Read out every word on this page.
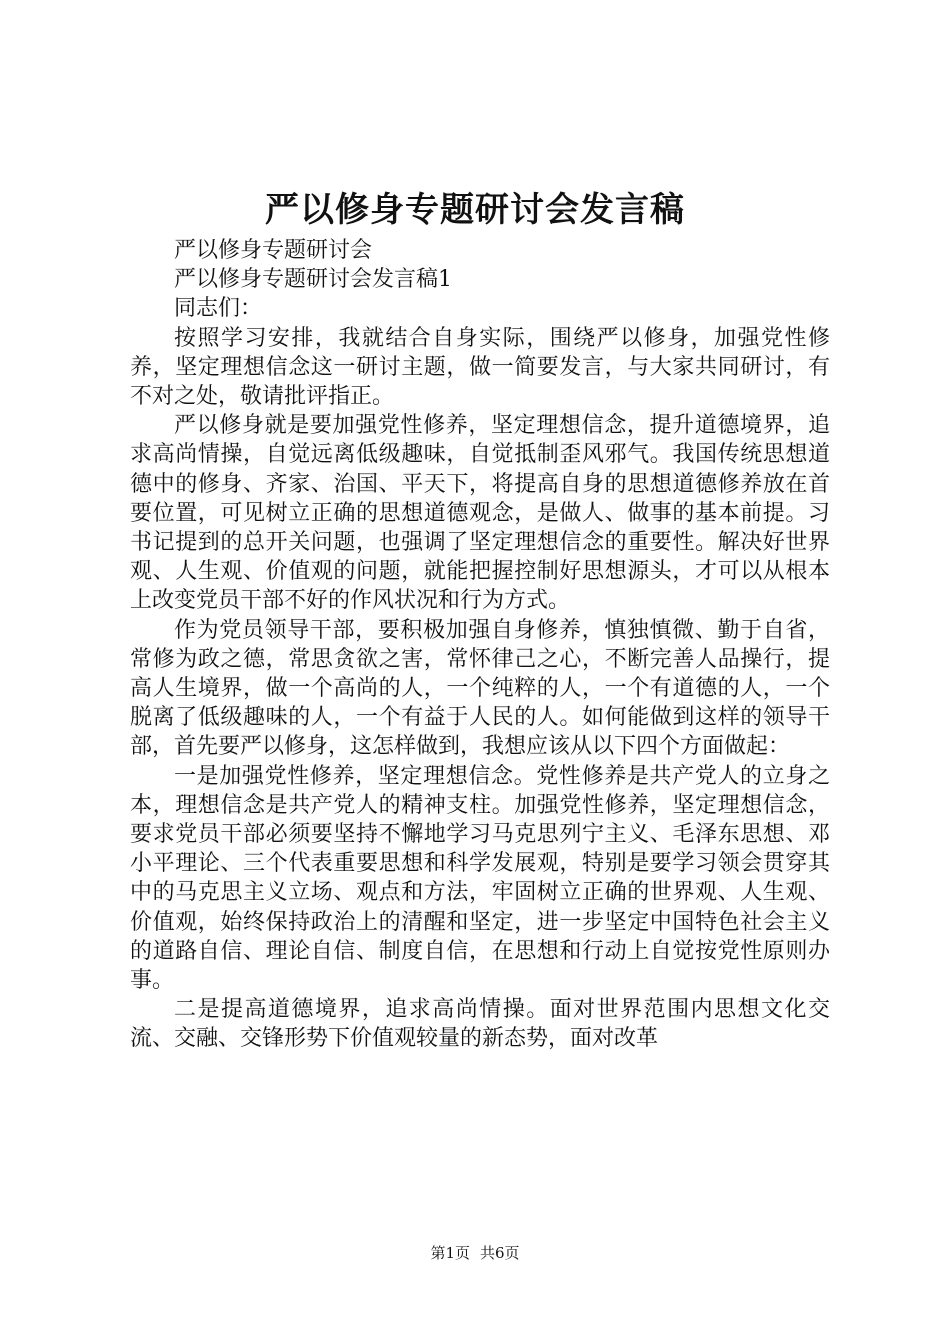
严以修身专题研讨会发言稿

严以修身专题研讨会

严以修身专题研讨会发言稿1

同志们：

按照学习安排，我就结合自身实际，围绕严以修身，加强党性修养，坚定理想信念这一研讨主题，做一简要发言，与大家共同研讨，有不对之处，敬请批评指正。

严以修身就是要加强党性修养，坚定理想信念，提升道德境界，追求高尚情操，自觉远离低级趣味，自觉抵制歪风邪气。我国传统思想道德中的修身、齐家、治国、平天下，将提高自身的思想道德修养放在首要位置，可见树立正确的思想道德观念，是做人、做事的基本前提。习书记提到的总开关问题，也强调了坚定理想信念的重要性。解决好世界观、人生观、价值观的问题，就能把握控制好思想源头，才可以从根本上改变党员干部不好的作风状况和行为方式。

作为党员领导干部，要积极加强自身修养，慎独慎微、勤于自省，常修为政之德，常思贪欲之害，常怀律己之心，不断完善人品操行，提高人生境界，做一个高尚的人，一个纯粹的人，一个有道德的人，一个脱离了低级趣味的人，一个有益于人民的人。如何能做到这样的领导干部，首先要严以修身，这怎样做到，我想应该从以下四个方面做起：

一是加强党性修养，坚定理想信念。党性修养是共产党人的立身之本，理想信念是共产党人的精神支柱。加强党性修养，坚定理想信念，要求党员干部必须要坚持不懈地学习马克思列宁主义、毛泽东思想、邓小平理论、三个代表重要思想和科学发展观，特别是要学习领会贯穿其中的马克思主义立场、观点和方法，牢固树立正确的世界观、人生观、价值观，始终保持政治上的清醒和坚定，进一步坚定中国特色社会主义的道路自信、理论自信、制度自信，在思想和行动上自觉按党性原则办事。

二是提高道德境界，追求高尚情操。面对世界范围内思想文化交流、交融、交锋形势下价值观较量的新态势，面对改革

第1页 共6页
